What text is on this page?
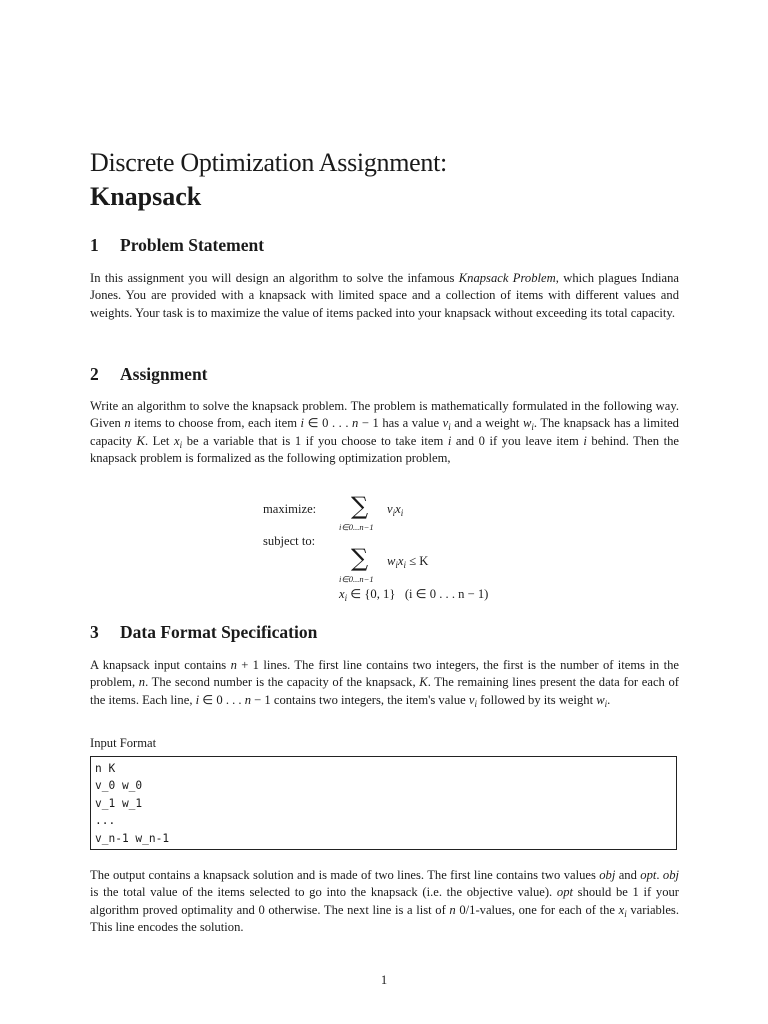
Discrete Optimization Assignment:
Knapsack
1 Problem Statement

In this assignment you will design an algorithm to solve the infamous Knapsack Problem, which plagues Indiana Jones. You are provided with a knapsack with limited space and a collection of items with different values and weights. Your task is to maximize the value of items packed into your knapsack without exceeding its total capacity.

2 Assignment

Write an algorithm to solve the knapsack problem. The problem is mathematically formulated in the following way. Given n items to choose from, each item i ∈ 0 . . . n − 1 has a value $v_i$ and a weight $w_i$. The knapsack has a limited capacity K. Let $x_i$ be a variable that is 1 if you choose to take item i and 0 if you leave item i behind. Then the knapsack problem is formalized as the following optimization problem,

maximize: ∑ $v_ix_i$
i∈0...n−1
subject to:
∑ $w_ix_i \le K$
i∈0...n−1
$x_i$ ∈ {0, 1} (i ∈ 0 . . . n − 1)
3 Data Format Specification

A knapsack input contains n + 1 lines. The first line contains two integers, the first is the number of items in the problem, n. The second number is the capacity of the knapsack, K. The remaining lines present the data for each of the items. Each line, i ∈ 0 . . . n − 1 contains two integers, the item's value $v_i$ followed by its weight $w_i$.

Input Format
n K
v_0 w_0
v_1 w_1
...
v_n-1 w_n-1

The output contains a knapsack solution and is made of two lines. The first line contains two values obj and opt. obj is the total value of the items selected to go into the knapsack (i.e. the objective value). opt should be 1 if your algorithm proved optimality and 0 otherwise. The next line is a list of n 0/1-values, one for each of the $x_i$ variables. This line encodes the solution.

1
